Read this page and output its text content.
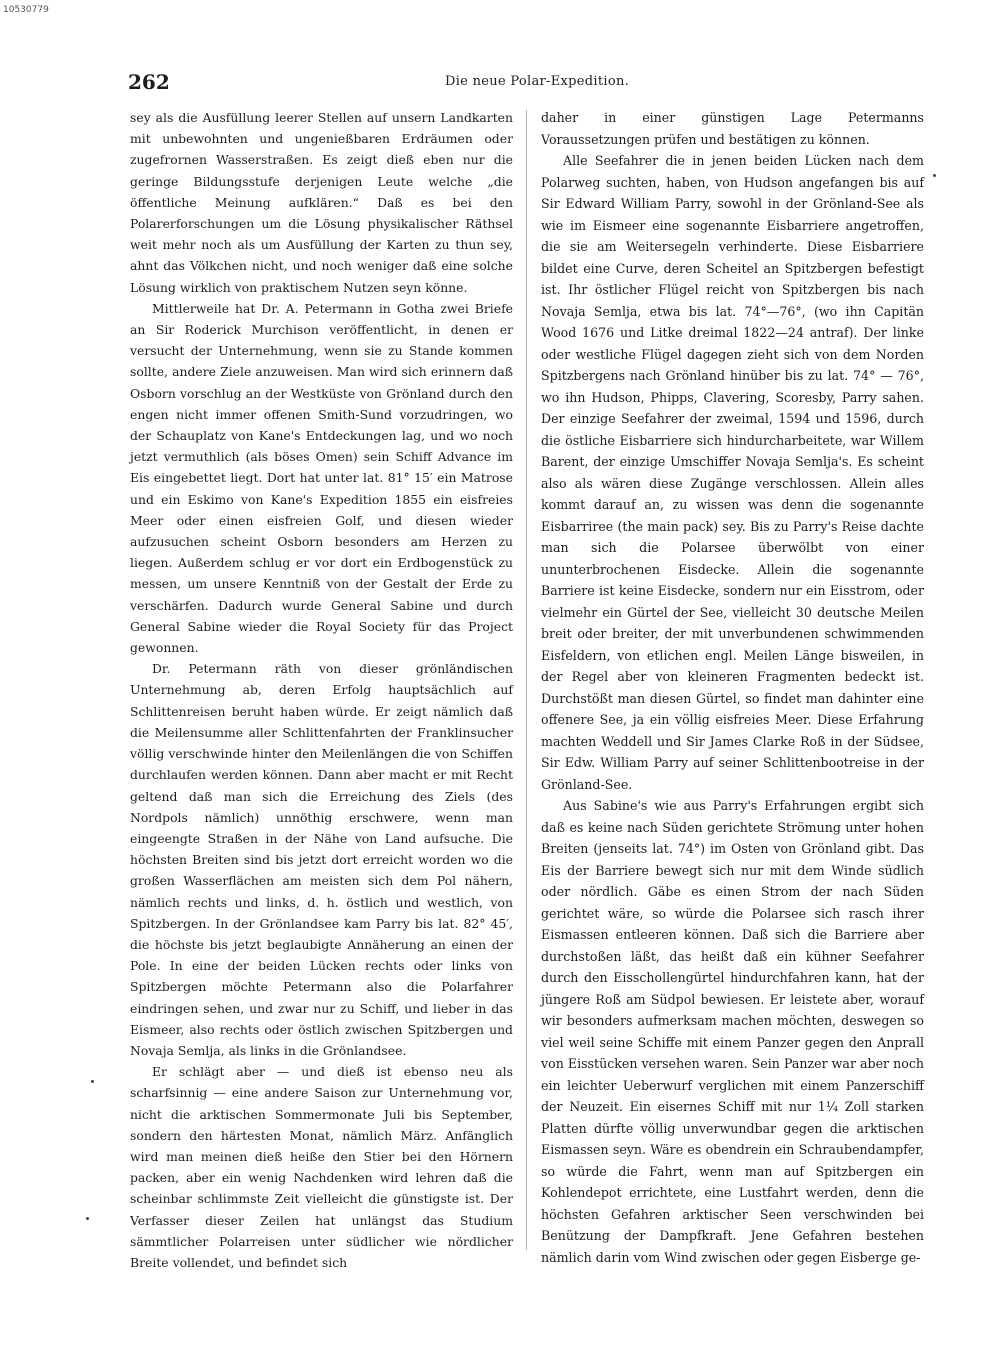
10530779
262	Die neue Polar-Expedition.

sey als die Ausfüllung leerer Stellen auf unsern Landkarten mit unbewohnten und ungenießbaren Erdräumen oder zugefrornen Wasserstraßen. Es zeigt dieß eben nur die geringe Bildungsstufe derjenigen Leute welche „die öffentliche Meinung aufklären.“ Daß es bei den Polarerforschungen um die Lösung physikalischer Räthsel weit mehr noch als um Ausfüllung der Karten zu thun sey, ahnt das Völkchen nicht, und noch weniger daß eine solche Lösung wirklich von praktischem Nutzen seyn könne.

Mittlerweile hat Dr. A. Petermann in Gotha zwei Briefe an Sir Roderick Murchison veröffentlicht, in denen er versucht der Unternehmung, wenn sie zu Stande kommen sollte, andere Ziele anzuweisen. Man wird sich erinnern daß Osborn vorschlug an der Westküste von Grönland durch den engen nicht immer offenen Smith-Sund vorzudringen, wo der Schauplatz von Kane's Entdeckungen lag, und wo noch jetzt vermuthlich (als böses Omen) sein Schiff Advance im Eis eingebettet liegt. Dort hat unter lat. 81° 15′ ein Matrose und ein Eskimo von Kane's Expedition 1855 ein eisfreies Meer oder einen eisfreien Golf, und diesen wieder aufzusuchen scheint Osborn besonders am Herzen zu liegen. Außerdem schlug er vor dort ein Erdbogenstück zu messen, um unsere Kenntniß von der Gestalt der Erde zu verschärfen. Dadurch wurde General Sabine und durch General Sabine wieder die Royal Society für das Project gewonnen.

Dr. Petermann räth von dieser grönländischen Unternehmung ab, deren Erfolg hauptsächlich auf Schlittenreisen beruht haben würde. Er zeigt nämlich daß die Meilensumme aller Schlittenfahrten der Franklinsucher völlig verschwinde hinter den Meilenlängen die von Schiffen durchlaufen werden können. Dann aber macht er mit Recht geltend daß man sich die Erreichung des Ziels (des Nordpols nämlich) unnöthig erschwere, wenn man eingeengte Straßen in der Nähe von Land aufsuche. Die höchsten Breiten sind bis jetzt dort erreicht worden wo die großen Wasserflächen am meisten sich dem Pol nähern, nämlich rechts und links, d. h. östlich und westlich, von Spitzbergen. In der Grönlandsee kam Parry bis lat. 82° 45′, die höchste bis jetzt beglaubigte Annäherung an einen der Pole. In eine der beiden Lücken rechts oder links von Spitzbergen möchte Petermann also die Polarfahrer eindringen sehen, und zwar nur zu Schiff, und lieber in das Eismeer, also rechts oder östlich zwischen Spitzbergen und Novaja Semlja, als links in die Grönlandsee.

Er schlägt aber — und dieß ist ebenso neu als scharfsinnig — eine andere Saison zur Unternehmung vor, nicht die arktischen Sommermonate Juli bis September, sondern den härtesten Monat, nämlich März. Anfänglich wird man meinen dieß heiße den Stier bei den Hörnern packen, aber ein wenig Nachdenken wird lehren daß die scheinbar schlimmste Zeit vielleicht die günstigste ist. Der Verfasser dieser Zeilen hat unlängst das Studium sämmtlicher Polarreisen unter südlicher wie nördlicher Breite vollendet, und befindet sich

daher in einer günstigen Lage Petermanns Voraussetzungen prüfen und bestätigen zu können.

Alle Seefahrer die in jenen beiden Lücken nach dem Polarweg suchten, haben, von Hudson angefangen bis auf Sir Edward William Parry, sowohl in der Grönland-See als wie im Eismeer eine sogenannte Eisbarriere angetroffen, die sie am Weitersegeln verhinderte. Diese Eisbarriere bildet eine Curve, deren Scheitel an Spitzbergen befestigt ist. Ihr östlicher Flügel reicht von Spitzbergen bis nach Novaja Semlja, etwa bis lat. 74°—76°, (wo ihn Capitän Wood 1676 und Litke dreimal 1822—24 antraf). Der linke oder westliche Flügel dagegen zieht sich von dem Norden Spitzbergens nach Grönland hinüber bis zu lat. 74° — 76°, wo ihn Hudson, Phipps, Clavering, Scoresby, Parry sahen. Der einzige Seefahrer der zweimal, 1594 und 1596, durch die östliche Eisbarriere sich hindurcharbeitete, war Willem Barent, der einzige Umschiffer Novaja Semlja's. Es scheint also als wären diese Zugänge verschlossen. Allein alles kommt darauf an, zu wissen was denn die sogenannte Eisbarriree (the main pack) sey. Bis zu Parry's Reise dachte man sich die Polarsee überwölbt von einer ununterbrochenen Eisdecke. Allein die sogenannte Barriere ist keine Eisdecke, sondern nur ein Eisstrom, oder vielmehr ein Gürtel der See, vielleicht 30 deutsche Meilen breit oder breiter, der mit unverbundenen schwimmenden Eisfeldern, von etlichen engl. Meilen Länge bisweilen, in der Regel aber von kleineren Fragmenten bedeckt ist. Durchstößt man diesen Gürtel, so findet man dahinter eine offenere See, ja ein völlig eisfreies Meer. Diese Erfahrung machten Weddell und Sir James Clarke Roß in der Südsee, Sir Edw. William Parry auf seiner Schlittenbootreise in der Grönland-See.

Aus Sabine's wie aus Parry's Erfahrungen ergibt sich daß es keine nach Süden gerichtete Strömung unter hohen Breiten (jenseits lat. 74°) im Osten von Grönland gibt. Das Eis der Barriere bewegt sich nur mit dem Winde südlich oder nördlich. Gäbe es einen Strom der nach Süden gerichtet wäre, so würde die Polarsee sich rasch ihrer Eismassen entleeren können. Daß sich die Barriere aber durchstoßen läßt, das heißt daß ein kühner Seefahrer durch den Eisschollengürtel hindurchfahren kann, hat der jüngere Roß am Südpol bewiesen. Er leistete aber, worauf wir besonders aufmerksam machen möchten, deswegen so viel weil seine Schiffe mit einem Panzer gegen den Anprall von Eisstücken versehen waren. Sein Panzer war aber noch ein leichter Ueberwurf verglichen mit einem Panzerschiff der Neuzeit. Ein eisernes Schiff mit nur 1¼ Zoll starken Platten dürfte völlig unverwundbar gegen die arktischen Eismassen seyn. Wäre es obendrein ein Schraubendampfer, so würde die Fahrt, wenn man auf Spitzbergen ein Kohlendepot errichtete, eine Lustfahrt werden, denn die höchsten Gefahren arktischer Seen verschwinden bei Benützung der Dampfkraft. Jene Gefahren bestehen nämlich darin vom Wind zwischen oder gegen Eisberge ge-
